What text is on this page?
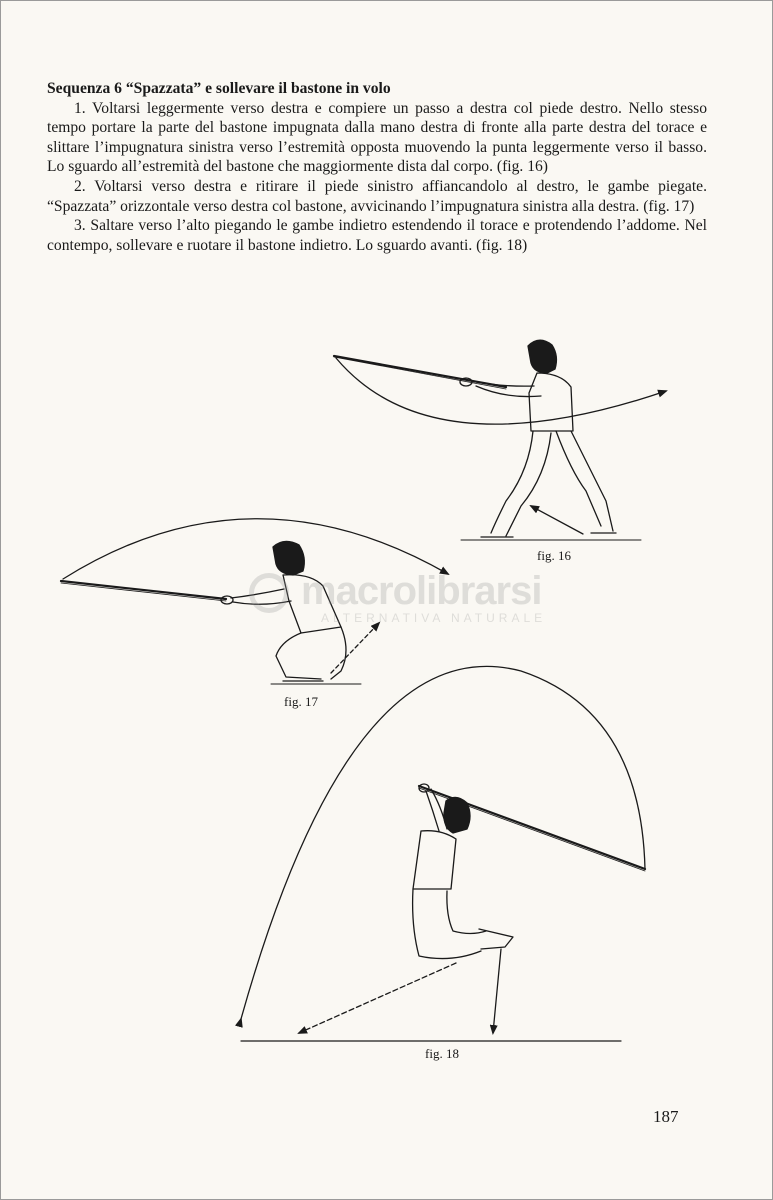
Sequenza 6 “Spazzata” e sollevare il bastone in volo

1. Voltarsi leggermente verso destra e compiere un passo a destra col piede destro. Nello stesso tempo portare la parte del bastone impugnata dalla mano destra di fronte alla parte destra del torace e slittare l’impugnatura sinistra verso l’estremità opposta muovendo la punta leggermente verso il basso. Lo sguardo all’estremità del bastone che maggiormente dista dal corpo. (fig. 16)

2. Voltarsi verso destra e ritirare il piede sinistro affiancandolo al destro, le gambe piegate. “Spazzata” orizzontale verso destra col bastone, avvicinando l’impugnatura sinistra alla destra. (fig. 17)

3. Saltare verso l’alto piegando le gambe indietro estendendo il torace e protendendo l’addome. Nel contempo, sollevare e ruotare il bastone indietro. Lo sguardo avanti. (fig. 18)

fig. 16
fig. 17
fig. 18
macrolibrarsi
ALTERNATIVA NATURALE
187
